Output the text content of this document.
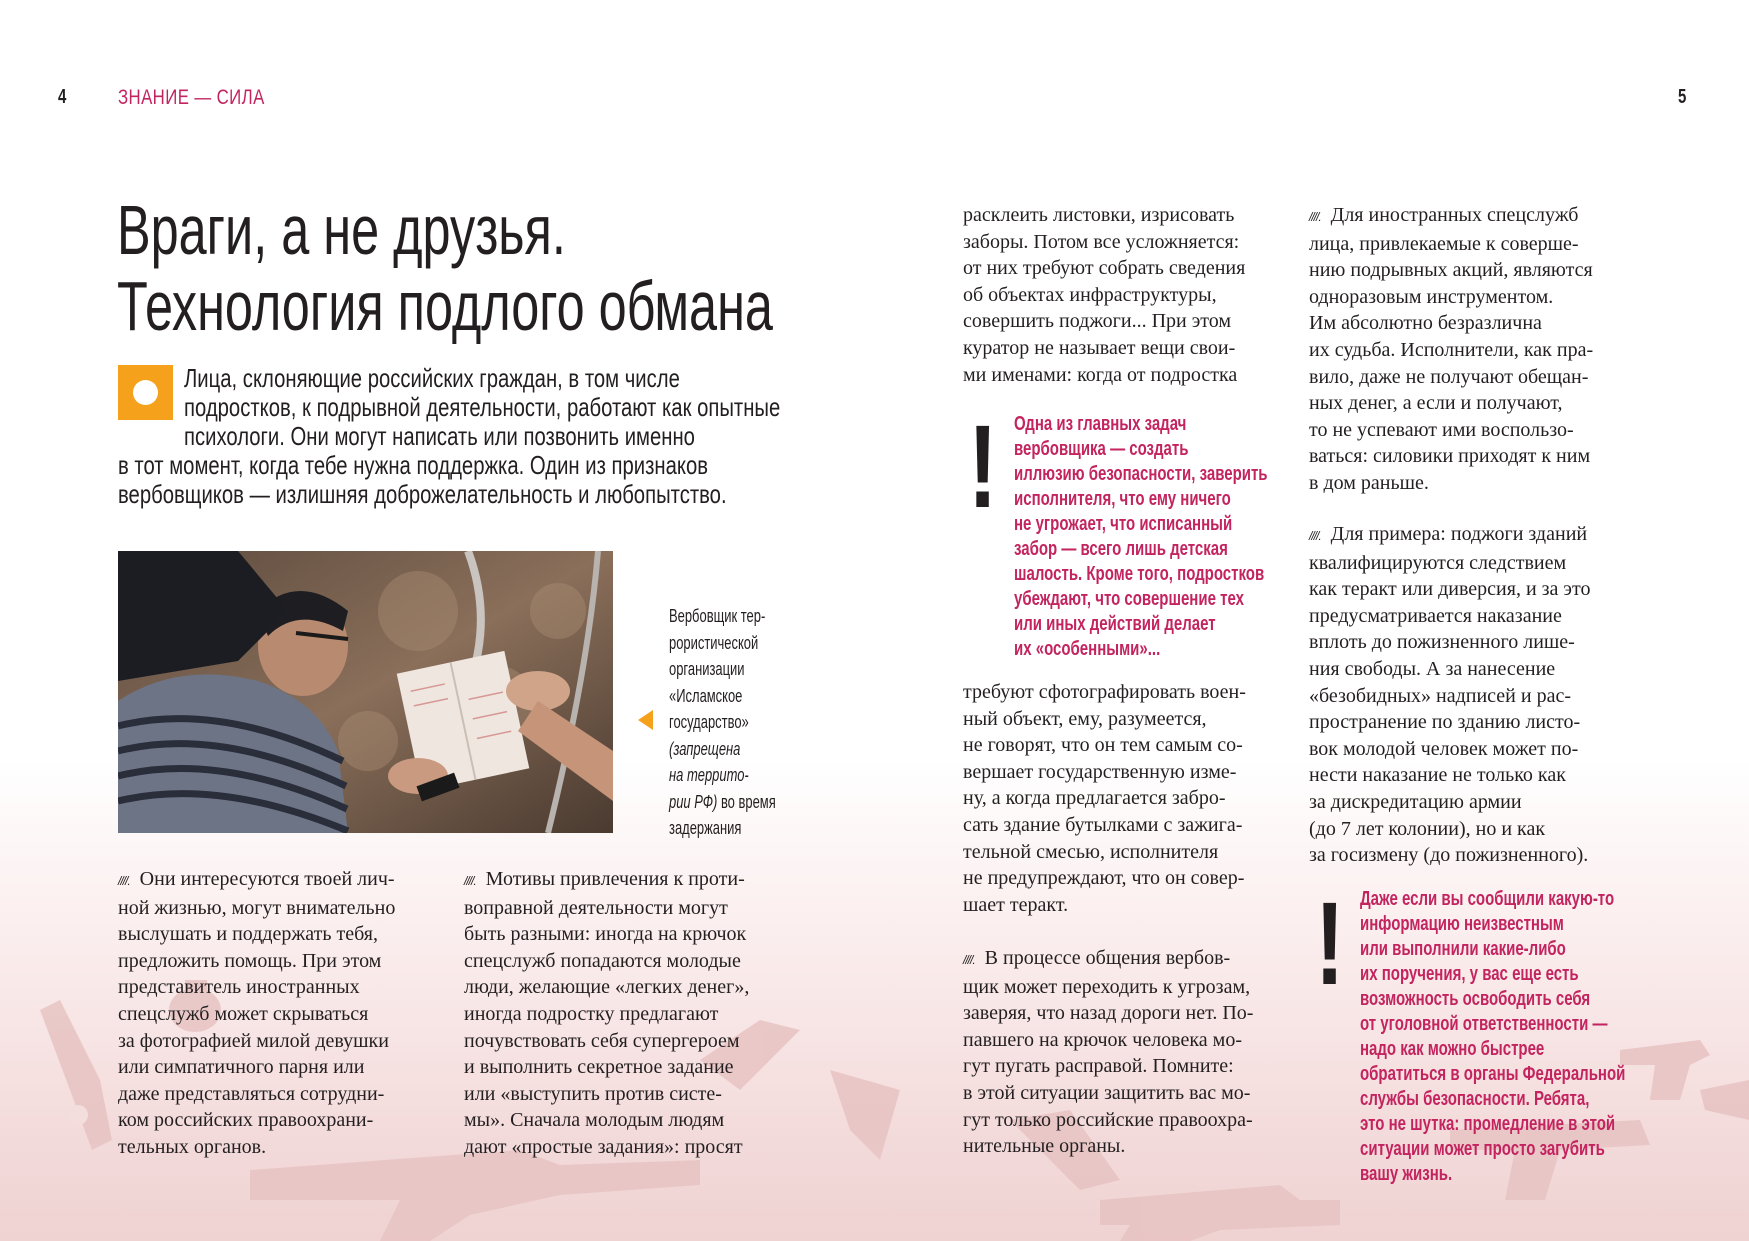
4 ЗНАНИЕ — СИЛА	5
Враги, а не друзья.
Технология подлого обмана
Лица, склоняющие российских граждан, в том числе
подростков, к подрывной деятельности, работают как опытные
психологи. Они могут написать или позвонить именно
в тот момент, когда тебе нужна поддержка. Один из признаков
вербовщиков — излишняя доброжелательность и любопытство.
Вербовщик тер-
рористической
организации
«Исламское
государство»
(запрещена
на террито-
рии РФ) во время
задержания
////. Они интересуются твоей лич-
ной жизнью, могут внимательно
выслушать и поддержать тебя,
предложить помощь. При этом
представитель иностранных
спецслужб может скрываться
за фотографией милой девушки
или симпатичного парня или
даже представляться сотрудни-
ком российских правоохрани-
тельных органов.
////. Мотивы привлечения к проти-
воправной деятельности могут
быть разными: иногда на крючок
спецслужб попадаются молодые
люди, желающие «легких денег»,
иногда подростку предлагают
почувствовать себя супергероем
и выполнить секретное задание
или «выступить против систе-
мы». Сначала молодым людям
дают «простые задания»: просят
расклеить листовки, изрисовать
заборы. Потом все усложняется:
от них требуют собрать сведения
об объектах инфраструктуры,
совершить поджоги... При этом
куратор не называет вещи свои-
ми именами: когда от подростка
! Одна из главных задач
вербовщика — создать
иллюзию безопасности, заверить
исполнителя, что ему ничего
не угрожает, что исписанный
забор — всего лишь детская
шалость. Кроме того, подростков
убеждают, что совершение тех
или иных действий делает
их «особенными»...
требуют сфотографировать воен-
ный объект, ему, разумеется,
не говорят, что он тем самым со-
вершает государственную изме-
ну, а когда предлагается забро-
сать здание бутылками с зажига-
тельной смесью, исполнителя
не предупреждают, что он совер-
шает теракт.
////. В процессе общения вербов-
щик может переходить к угрозам,
заверяя, что назад дороги нет. По-
павшего на крючок человека мо-
гут пугать расправой. Помните:
в этой ситуации защитить вас мо-
гут только российские правоохра-
нительные органы.
////. Для иностранных спецслужб
лица, привлекаемые к соверше-
нию подрывных акций, являются
одноразовым инструментом.
Им абсолютно безразлична
их судьба. Исполнители, как пра-
вило, даже не получают обещан-
ных денег, а если и получают,
то не успевают ими воспользо-
ваться: силовики приходят к ним
в дом раньше.
////. Для примера: поджоги зданий
квалифицируются следствием
как теракт или диверсия, и за это
предусматривается наказание
вплоть до пожизненного лише-
ния свободы. А за нанесение
«безобидных» надписей и рас-
пространение по зданию листо-
вок молодой человек может по-
нести наказание не только как
за дискредитацию армии
(до 7 лет колонии), но и как
за госизмену (до пожизненного).
! Даже если вы сообщили какую-то
информацию неизвестным
или выполнили какие-либо
их поручения, у вас еще есть
возможность освободить себя
от уголовной ответственности —
надо как можно быстрее
обратиться в органы Федеральной
службы безопасности. Ребята,
это не шутка: промедление в этой
ситуации может просто загубить
вашу жизнь.
